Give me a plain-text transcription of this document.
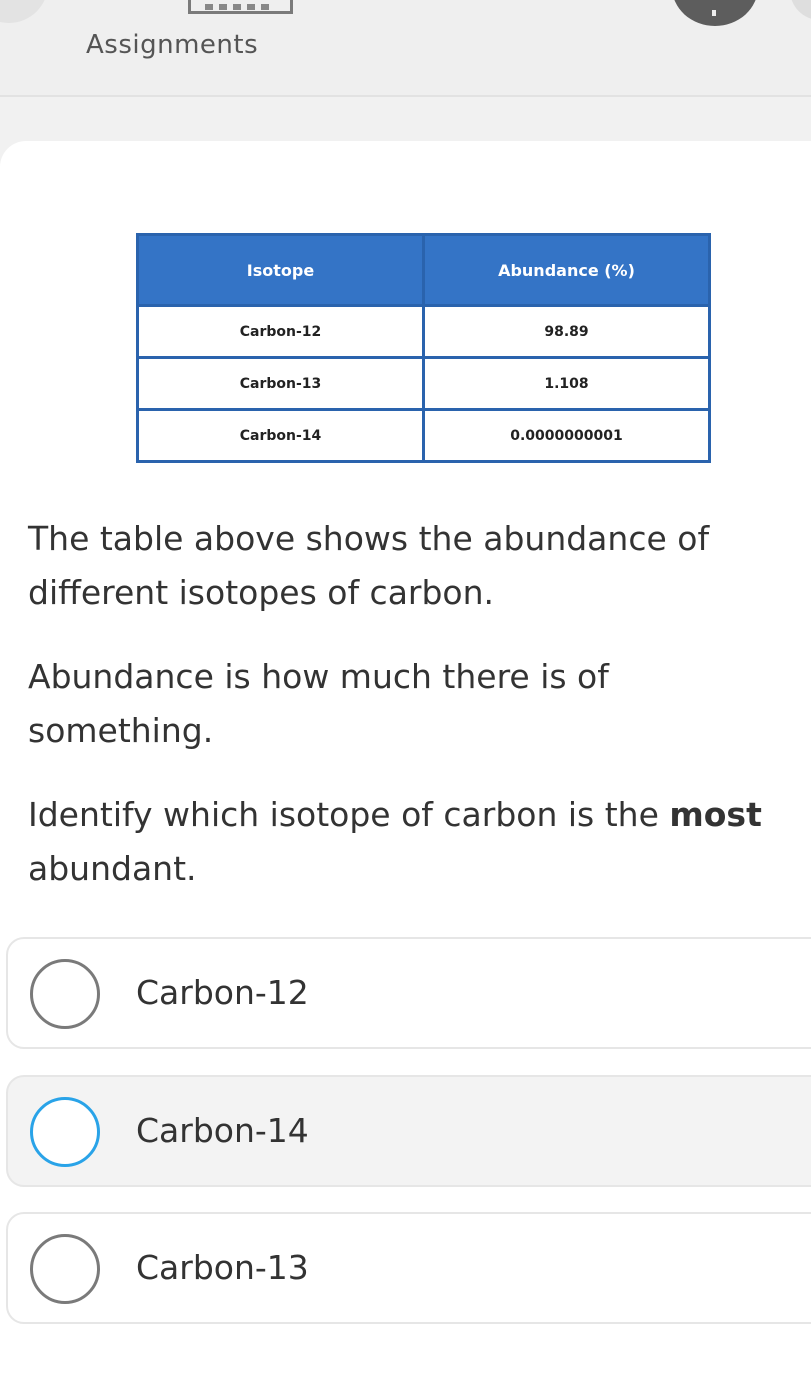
Assignments
Isotope	Abundance (%)
Carbon-12	98.89
Carbon-13	1.108
Carbon-14	0.0000000001

The table above shows the abundance of different isotopes of carbon.

Abundance is how much there is of something.

Identify which isotope of carbon is the most abundant.

Carbon-12
Carbon-14
Carbon-13
